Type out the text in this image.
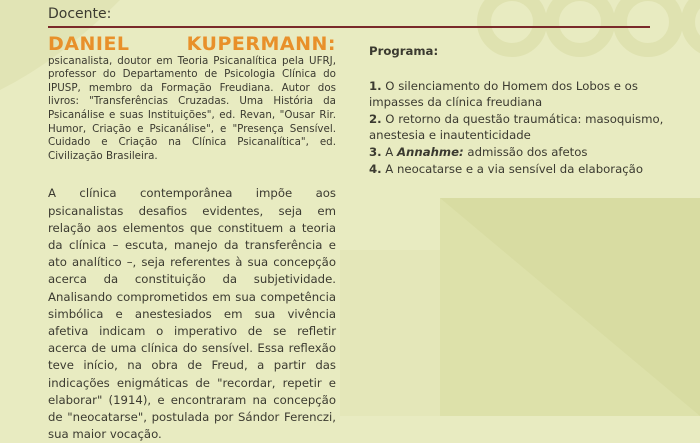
Docente:

DANIEL KUPERMANN: psicanalista, doutor em Teoria Psicanalítica pela UFRJ, professor do Departamento de Psicologia Clínica do IPUSP, membro da Formação Freudiana. Autor dos livros: "Transferências Cruzadas. Uma História da Psicanálise e suas Instituições", ed. Revan, "Ousar Rir. Humor, Criação e Psicanálise", e "Presença Sensível. Cuidado e Criação na Clínica Psicanalítica", ed. Civilização Brasileira.

A clínica contemporânea impõe aos psicanalistas desafios evidentes, seja em relação aos elementos que constituem a teoria da clínica – escuta, manejo da transferência e ato analítico –, seja referentes à sua concepção acerca da constituição da subjetividade. Analisando comprometidos em sua competência simbólica e anestesiados em sua vivência afetiva indicam o imperativo de se refletir acerca de uma clínica do sensível. Essa reflexão teve início, na obra de Freud, a partir das indicações enigmáticas de "recordar, repetir e elaborar" (1914), e encontraram na concepção de "neocatarse", postulada por Sándor Ferenczi, sua maior vocação.

Programa:
1. O silenciamento do Homem dos Lobos e os impasses da clínica freudiana
2. O retorno da questão traumática: masoquismo, anestesia e inautenticidade
3. A Annahme: admissão dos afetos
4. A neocatarse e a via sensível da elaboração
